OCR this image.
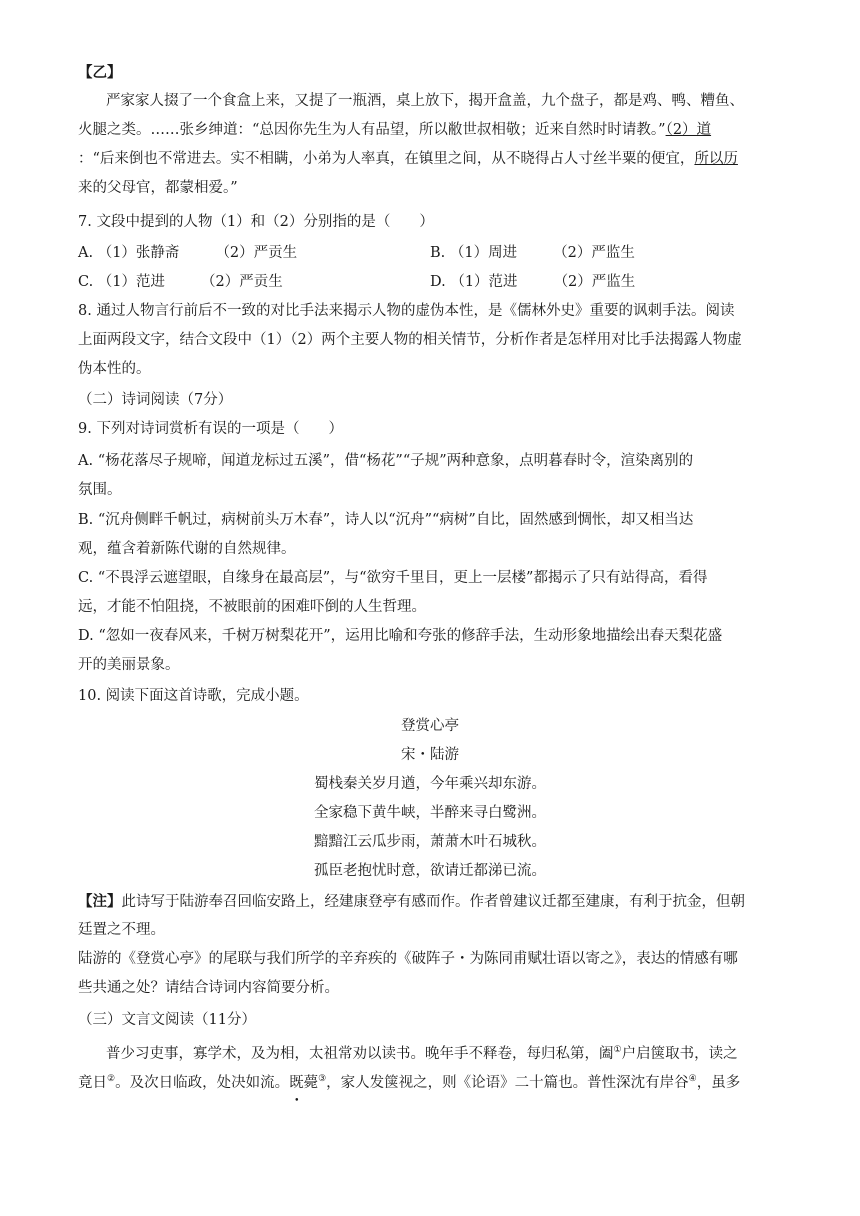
【乙】
严家家人掇了一个食盒上来，又提了一瓶酒，桌上放下，揭开盒盖，九个盘子，都是鸡、鸭、糟鱼、
火腿之类。……张乡绅道：“总因你先生为人有品望，所以敝世叔相敬；近来自然时时请教。”（2）道
：“后来倒也不常进去。实不相瞒，小弟为人率真，在镇里之间，从不晓得占人寸丝半粟的便宜，所以历
来的父母官，都蒙相爱。”
7. 文段中提到的人物（1）和（2）分别指的是（　　）
A. （1）张静斋 （2）严贡生	B. （1）周进 （2）严监生
C. （1）范进 （2）严贡生	D. （1）范进 （2）严监生
8. 通过人物言行前后不一致的对比手法来揭示人物的虚伪本性，是《儒林外史》重要的讽刺手法。阅读
上面两段文字，结合文段中（1）（2）两个主要人物的相关情节，分析作者是怎样用对比手法揭露人物虚
伪本性的。
（二）诗词阅读（7分）
9. 下列对诗词赏析有误的一项是（　　）
A. “杨花落尽子规啼，闻道龙标过五溪”，借“杨花”“子规”两种意象，点明暮春时令，渲染离别的
氛围。
B. “沉舟侧畔千帆过，病树前头万木春”，诗人以“沉舟”“病树”自比，固然感到惆怅，却又相当达
观，蕴含着新陈代谢的自然规律。
C. “不畏浮云遮望眼，自缘身在最高层”，与“欲穷千里目，更上一层楼”都揭示了只有站得高，看得
远，才能不怕阻挠，不被眼前的困难吓倒的人生哲理。
D. “忽如一夜春风来，千树万树梨花开”，运用比喻和夸张的修辞手法，生动形象地描绘出春天梨花盛
开的美丽景象。
10. 阅读下面这首诗歌，完成小题。
登赏心亭
宋・陆游
蜀栈秦关岁月遒，今年乘兴却东游。
全家稳下黄牛峡，半醉来寻白鹭洲。
黯黯江云瓜步雨，萧萧木叶石城秋。
孤臣老抱忧时意，欲请迁都涕已流。
【注】此诗写于陆游奉召回临安路上，经建康登亭有感而作。作者曾建议迁都至建康，有利于抗金，但朝
廷置之不理。
陆游的《登赏心亭》的尾联与我们所学的辛弃疾的《破阵子・为陈同甫赋壮语以寄之》，表达的情感有哪
些共通之处？请结合诗词内容简要分析。
（三）文言文阅读（11分）
普少习吏事，寡学术，及为相，太祖常劝以读书。晚年手不释卷，每归私第，阖①户启箧取书，读之
竟日②。及次日临政，处决如流。既薨③，家人发箧视之，则《论语》二十篇也。普性深沈有岸谷④，虽多
